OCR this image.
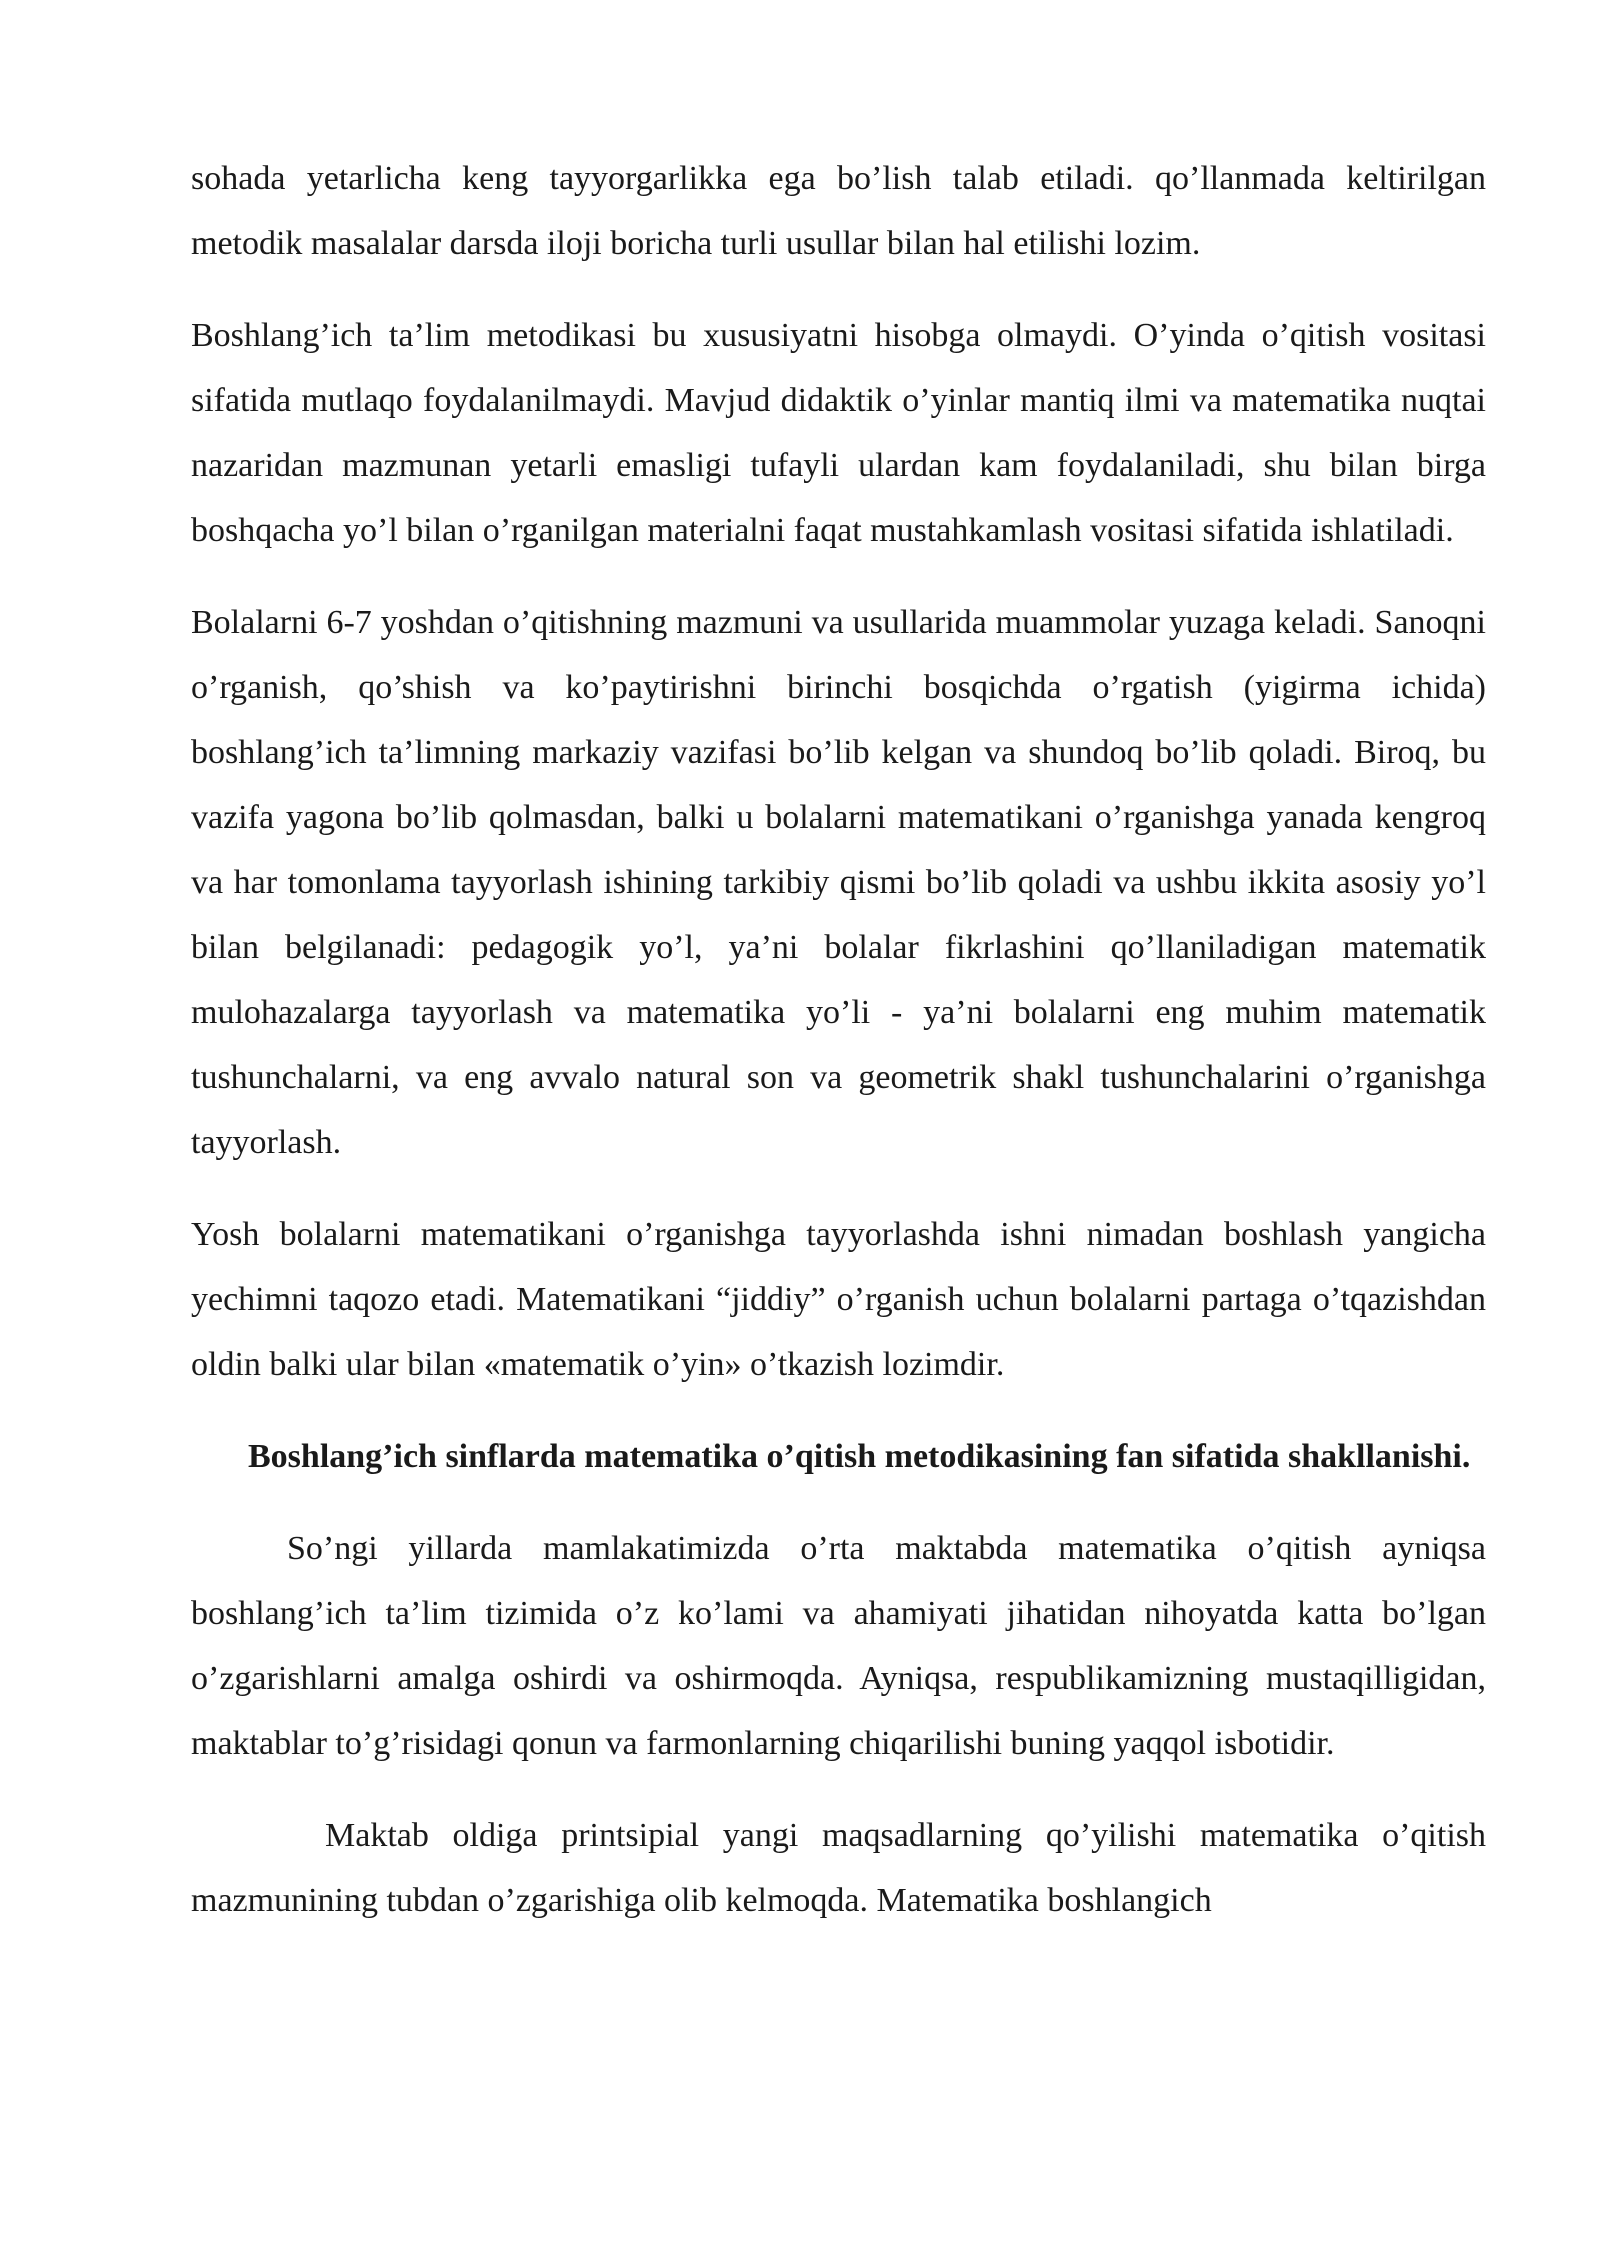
sohada yetarlicha keng tayyorgarlikka ega bo’lish talab etiladi. qo’llanmada keltirilgan metodik masalalar darsda iloji boricha turli usullar bilan hal etilishi lozim.

Boshlang’ich ta’lim metodikasi bu xususiyatni hisobga olmaydi. O’yinda o’qitish vositasi sifatida mutlaqo foydalanilmaydi. Mavjud didaktik o’yinlar mantiq ilmi va matematika nuqtai nazaridan mazmunan yetarli emasligi tufayli ulardan kam foydalaniladi, shu bilan birga boshqacha yo’l bilan o’rganilgan materialni faqat mustahkamlash vositasi sifatida ishlatiladi.

Bolalarni 6-7 yoshdan o’qitishning mazmuni va usullarida muammolar yuzaga keladi. Sanoqni o’rganish, qo’shish va ko’paytirishni birinchi bosqichda o’rgatish (yigirma ichida) boshlang’ich ta’limning markaziy vazifasi bo’lib kelgan va shundoq bo’lib qoladi. Biroq, bu vazifa yagona bo’lib qolmasdan, balki u bolalarni matematikani o’rganishga yanada kengroq va har tomonlama tayyorlash ishining tarkibiy qismi bo’lib qoladi va ushbu ikkita asosiy yo’l bilan belgilanadi: pedagogik yo’l, ya’ni bolalar fikrlashini qo’llaniladigan matematik mulohazalarga tayyorlash va matematika yo’li - ya’ni bolalarni eng muhim matematik tushunchalarni, va eng avvalo natural son va geometrik shakl tushunchalarini o’rganishga tayyorlash.

Yosh bolalarni matematikani o’rganishga tayyorlashda ishni nimadan boshlash yangicha yechimni taqozo etadi. Matematikani “jiddiy” o’rganish uchun bolalarni partaga o’tqazishdan oldin balki ular bilan «matematik o’yin» o’tkazish lozimdir.

Boshlang’ich sinflarda matematika o’qitish metodikasining fan sifatida shakllanishi.

So’ngi yillarda mamlakatimizda o’rta maktabda matematika o’qitish ayniqsa boshlang’ich ta’lim tizimida o’z ko’lami va ahamiyati jihatidan nihoyatda katta bo’lgan o’zgarishlarni amalga oshirdi va oshirmoqda. Ayniqsa, respublikamizning mustaqilligidan, maktablar to’g’risidagi qonun va farmonlarning chiqarilishi buning yaqqol isbotidir.

Maktab oldiga printsipial yangi maqsadlarning qo’yilishi matematika o’qitish mazmunining tubdan o’zgarishiga olib kelmoqda. Matematika boshlangich
